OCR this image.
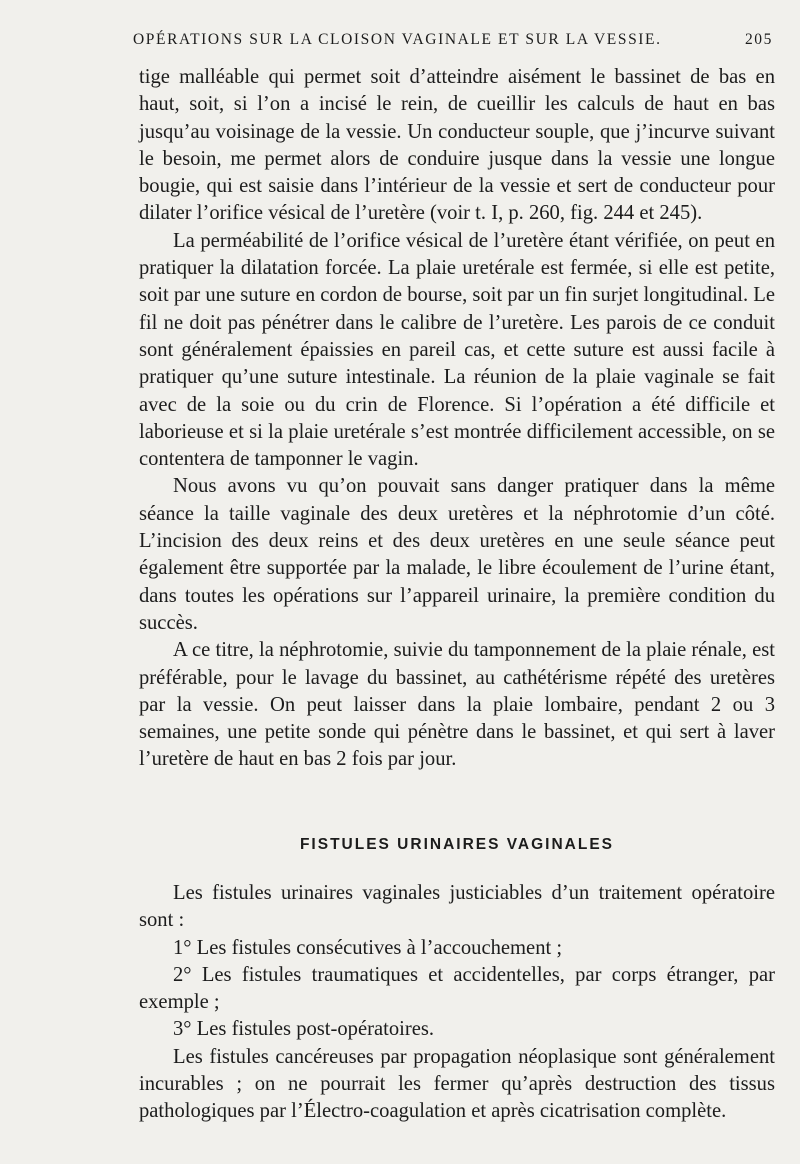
OPÉRATIONS SUR LA CLOISON VAGINALE ET SUR LA VESSIE.	205

tige malléable qui permet soit d’atteindre aisément le bassinet de bas en haut, soit, si l’on a incisé le rein, de cueillir les calculs de haut en bas jusqu’au voisinage de la vessie. Un conducteur souple, que j’incurve suivant le besoin, me permet alors de conduire jusque dans la vessie une longue bougie, qui est saisie dans l’intérieur de la vessie et sert de conducteur pour dilater l’orifice vésical de l’uretère (voir t. I, p. 260, fig. 244 et 245).

La perméabilité de l’orifice vésical de l’uretère étant vérifiée, on peut en pratiquer la dilatation forcée. La plaie uretérale est fermée, si elle est petite, soit par une suture en cordon de bourse, soit par un fin surjet longitudinal. Le fil ne doit pas pénétrer dans le calibre de l’uretère. Les parois de ce conduit sont généralement épaissies en pareil cas, et cette suture est aussi facile à pratiquer qu’une suture intestinale. La réunion de la plaie vaginale se fait avec de la soie ou du crin de Florence. Si l’opération a été difficile et laborieuse et si la plaie uretérale s’est montrée difficilement accessible, on se contentera de tamponner le vagin.

Nous avons vu qu’on pouvait sans danger pratiquer dans la même séance la taille vaginale des deux uretères et la néphrotomie d’un côté. L’incision des deux reins et des deux uretères en une seule séance peut également être supportée par la malade, le libre écoulement de l’urine étant, dans toutes les opérations sur l’appareil urinaire, la première condition du succès.

A ce titre, la néphrotomie, suivie du tamponnement de la plaie rénale, est préférable, pour le lavage du bassinet, au cathétérisme répété des uretères par la vessie. On peut laisser dans la plaie lombaire, pendant 2 ou 3 semaines, une petite sonde qui pénètre dans le bassinet, et qui sert à laver l’uretère de haut en bas 2 fois par jour.

FISTULES URINAIRES VAGINALES

Les fistules urinaires vaginales justiciables d’un traitement opératoire sont :

1° Les fistules consécutives à l’accouchement ;

2° Les fistules traumatiques et accidentelles, par corps étranger, par exemple ;

3° Les fistules post-opératoires.

Les fistules cancéreuses par propagation néoplasique sont généralement incurables ; on ne pourrait les fermer qu’après destruction des tissus pathologiques par l’Électro-coagulation et après cicatrisation complète.
